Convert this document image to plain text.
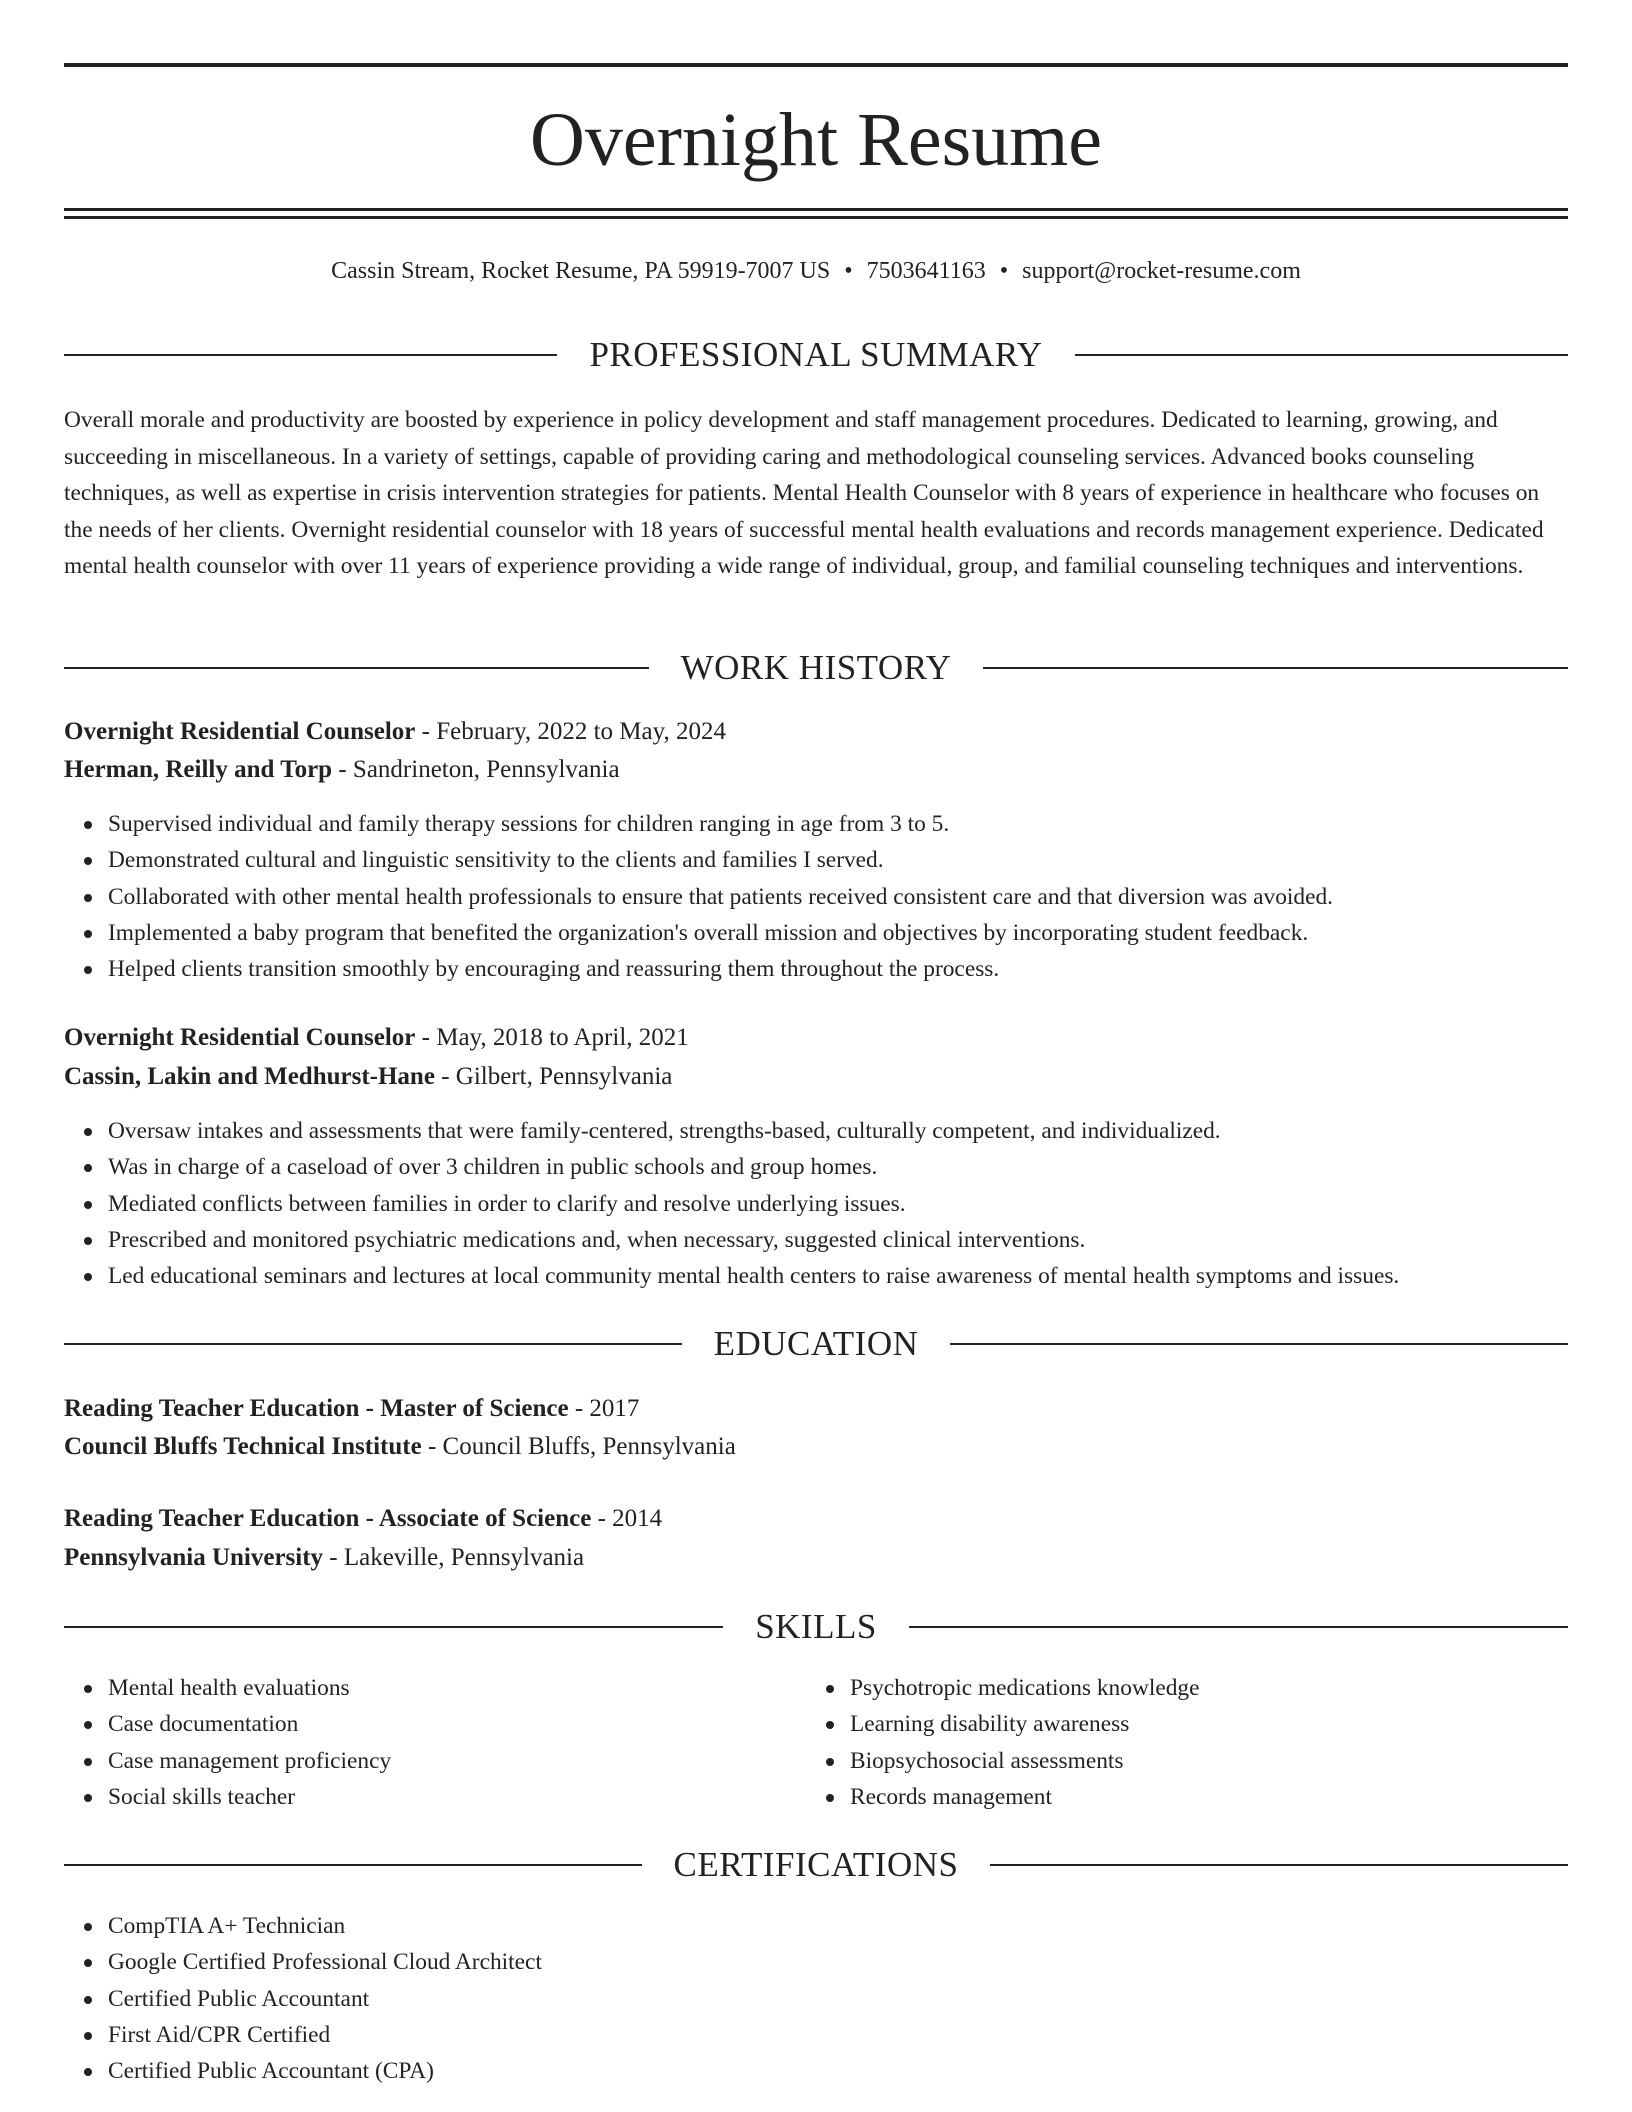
Overnight Resume
Cassin Stream, Rocket Resume, PA 59919-7007 US • 7503641163 • support@rocket-resume.com
PROFESSIONAL SUMMARY

Overall morale and productivity are boosted by experience in policy development and staff management procedures. Dedicated to learning, growing, and succeeding in miscellaneous. In a variety of settings, capable of providing caring and methodological counseling services. Advanced books counseling techniques, as well as expertise in crisis intervention strategies for patients. Mental Health Counselor with 8 years of experience in healthcare who focuses on the needs of her clients. Overnight residential counselor with 18 years of successful mental health evaluations and records management experience. Dedicated mental health counselor with over 11 years of experience providing a wide range of individual, group, and familial counseling techniques and interventions.

WORK HISTORY
Overnight Residential Counselor - February, 2022 to May, 2024
Herman, Reilly and Torp - Sandrineton, Pennsylvania
Supervised individual and family therapy sessions for children ranging in age from 3 to 5.
Demonstrated cultural and linguistic sensitivity to the clients and families I served.
Collaborated with other mental health professionals to ensure that patients received consistent care and that diversion was avoided.
Implemented a baby program that benefited the organization's overall mission and objectives by incorporating student feedback.
Helped clients transition smoothly by encouraging and reassuring them throughout the process.
Overnight Residential Counselor - May, 2018 to April, 2021
Cassin, Lakin and Medhurst-Hane - Gilbert, Pennsylvania
Oversaw intakes and assessments that were family-centered, strengths-based, culturally competent, and individualized.
Was in charge of a caseload of over 3 children in public schools and group homes.
Mediated conflicts between families in order to clarify and resolve underlying issues.
Prescribed and monitored psychiatric medications and, when necessary, suggested clinical interventions.
Led educational seminars and lectures at local community mental health centers to raise awareness of mental health symptoms and issues.
EDUCATION
Reading Teacher Education - Master of Science - 2017
Council Bluffs Technical Institute - Council Bluffs, Pennsylvania
Reading Teacher Education - Associate of Science - 2014
Pennsylvania University - Lakeville, Pennsylvania
SKILLS
Mental health evaluations
Case documentation
Case management proficiency
Social skills teacher
Psychotropic medications knowledge
Learning disability awareness
Biopsychosocial assessments
Records management
CERTIFICATIONS
CompTIA A+ Technician
Google Certified Professional Cloud Architect
Certified Public Accountant
First Aid/CPR Certified
Certified Public Accountant (CPA)
